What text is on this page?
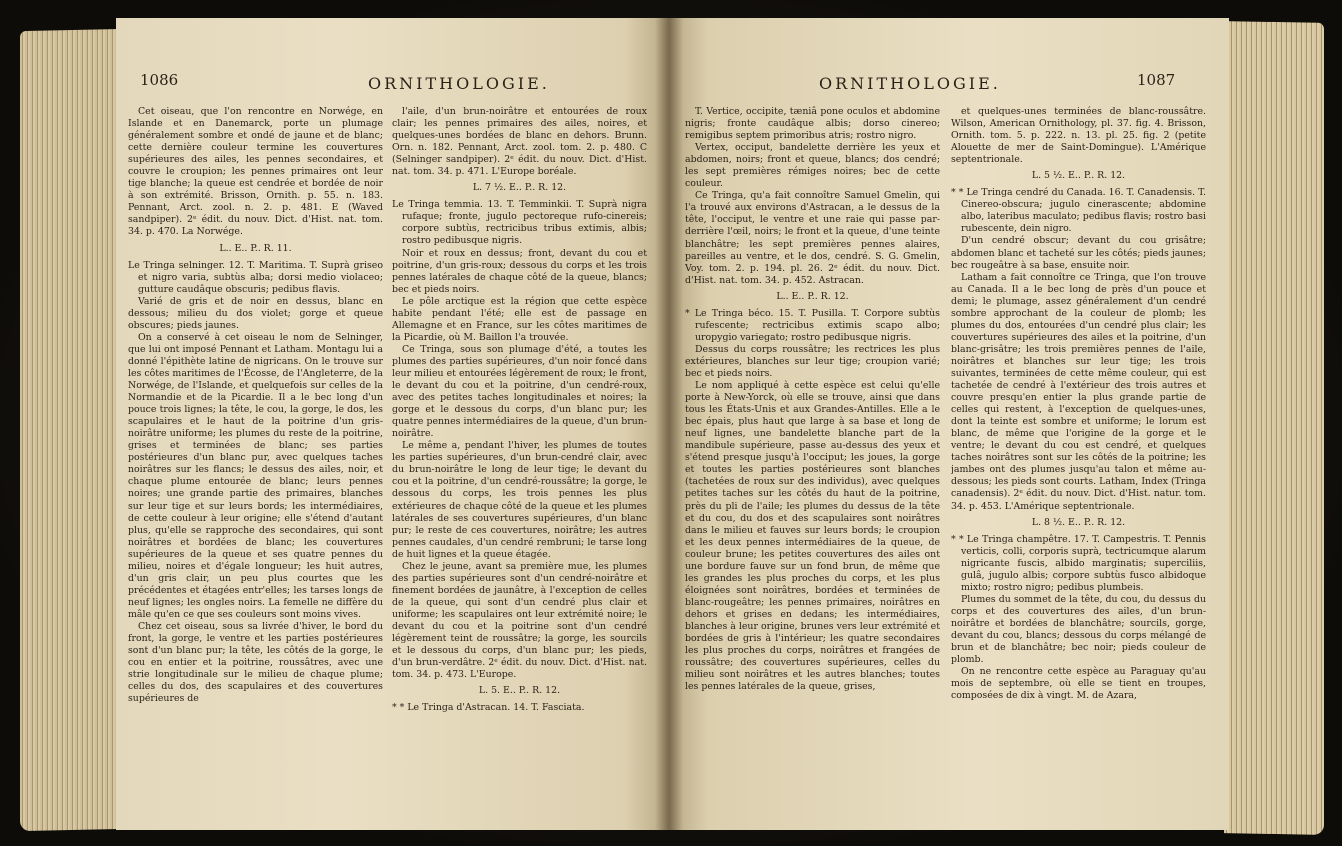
1086	ORNITHOLOGIE.

Cet oiseau, que l'on rencontre en Norwége, en Islande et en Danemarck, porte un plumage généralement sombre et ondé de jaune et de blanc; cette dernière couleur termine les couvertures supérieures des ailes, les pennes secondaires, et couvre le croupion; les pennes primaires ont leur tige blanche; la queue est cendrée et bordée de noir à son extrémité. Brisson, Ornith. p. 55. n. 183. Pennant, Arct. zool. n. 2. p. 481. E (Waved sandpiper). 2ᵉ édit. du nouv. Dict. d'Hist. nat. tom. 34. p. 470. La Norwége.

L.. E.. P.. R. 11.

Le Tringa selninger. 12. T. Maritima. T. Suprà griseo et nigro varia, subtùs alba; dorsi medio violaceo; gutture caudâque obscuris; pedibus flavis.

Varié de gris et de noir en dessus, blanc en dessous; milieu du dos violet; gorge et queue obscures; pieds jaunes.

On a conservé à cet oiseau le nom de Selninger, que lui ont imposé Pennant et Latham. Montagu lui a donné l'épithète latine de nigricans. On le trouve sur les côtes maritimes de l'Écosse, de l'Angleterre, de la Norwége, de l'Islande, et quelquefois sur celles de la Normandie et de la Picardie. Il a le bec long d'un pouce trois lignes; la tête, le cou, la gorge, le dos, les scapulaires et le haut de la poitrine d'un gris-noirâtre uniforme; les plumes du reste de la poitrine, grises et terminées de blanc; ses parties postérieures d'un blanc pur, avec quelques taches noirâtres sur les flancs; le dessus des ailes, noir, et chaque plume entourée de blanc; leurs pennes noires; une grande partie des primaires, blanches sur leur tige et sur leurs bords; les intermédiaires, de cette couleur à leur origine; elle s'étend d'autant plus, qu'elle se rapproche des secondaires, qui sont noirâtres et bordées de blanc; les couvertures supérieures de la queue et ses quatre pennes du milieu, noires et d'égale longueur; les huit autres, d'un gris clair, un peu plus courtes que les précédentes et étagées entr'elles; les tarses longs de neuf lignes; les ongles noirs. La femelle ne diffère du mâle qu'en ce que ses couleurs sont moins vives.

Chez cet oiseau, sous sa livrée d'hiver, le bord du front, la gorge, le ventre et les parties postérieures sont d'un blanc pur; la tête, les côtés de la gorge, le cou en entier et la poitrine, roussâtres, avec une strie longitudinale sur le milieu de chaque plume; celles du dos, des scapulaires et des couvertures supérieures de

l'aile, d'un brun-noirâtre et entourées de roux clair; les pennes primaires des ailes, noires, et quelques-unes bordées de blanc en dehors. Brunn. Orn. n. 182. Pennant, Arct. zool. tom. 2. p. 480. C (Selninger sandpiper). 2ᵉ édit. du nouv. Dict. d'Hist. nat. tom. 34. p. 471. L'Europe boréale.

L. 7 ½. E.. P.. R. 12.

Le Tringa temmia. 13. T. Temminkii. T. Suprà nigra rufaque; fronte, jugulo pectoreque rufo-cinereis; corpore subtùs, rectricibus tribus extimis, albis; rostro pedibusque nigris.

Noir et roux en dessus; front, devant du cou et poitrine, d'un gris-roux; dessous du corps et les trois pennes latérales de chaque côté de la queue, blancs; bec et pieds noirs.

Le pôle arctique est la région que cette espèce habite pendant l'été; elle est de passage en Allemagne et en France, sur les côtes maritimes de la Picardie, où M. Baillon l'a trouvée.

Ce Tringa, sous son plumage d'été, a toutes les plumes des parties supérieures, d'un noir foncé dans leur milieu et entourées légèrement de roux; le front, le devant du cou et la poitrine, d'un cendré-roux, avec des petites taches longitudinales et noires; la gorge et le dessous du corps, d'un blanc pur; les quatre pennes intermédiaires de la queue, d'un brun-noirâtre.

Le même a, pendant l'hiver, les plumes de toutes les parties supérieures, d'un brun-cendré clair, avec du brun-noirâtre le long de leur tige; le devant du cou et la poitrine, d'un cendré-roussâtre; la gorge, le dessous du corps, les trois pennes les plus extérieures de chaque côté de la queue et les plumes latérales de ses couvertures supérieures, d'un blanc pur; le reste de ces couvertures, noirâtre; les autres pennes caudales, d'un cendré rembruni; le tarse long de huit lignes et la queue étagée.

Chez le jeune, avant sa première mue, les plumes des parties supérieures sont d'un cendré-noirâtre et finement bordées de jaunâtre, à l'exception de celles de la queue, qui sont d'un cendré plus clair et uniforme; les scapulaires ont leur extrémité noire; le devant du cou et la poitrine sont d'un cendré légèrement teint de roussâtre; la gorge, les sourcils et le dessous du corps, d'un blanc pur; les pieds, d'un brun-verdâtre. 2ᵉ édit. du nouv. Dict. d'Hist. nat. tom. 34. p. 473. L'Europe.

L. 5. E.. P.. R. 12.

* * Le Tringa d'Astracan. 14. T. Fasciata.

ORNITHOLOGIE.	1087

T. Vertice, occipite, tæniâ pone oculos et abdomine nigris; fronte caudâque albis; dorso cinereo; remigibus septem primoribus atris; rostro nigro.

Vertex, occiput, bandelette derrière les yeux et abdomen, noirs; front et queue, blancs; dos cendré; les sept premières rémiges noires; bec de cette couleur.

Ce Tringa, qu'a fait connoître Samuel Gmelin, qui l'a trouvé aux environs d'Astracan, a le dessus de la tête, l'occiput, le ventre et une raie qui passe par-derrière l'œil, noirs; le front et la queue, d'une teinte blanchâtre; les sept premières pennes alaires, pareilles au ventre, et le dos, cendré. S. G. Gmelin, Voy. tom. 2. p. 194. pl. 26. 2ᵉ édit. du nouv. Dict. d'Hist. nat. tom. 34. p. 452. Astracan.

L.. E.. P.. R. 12.

* Le Tringa béco. 15. T. Pusilla. T. Corpore subtùs rufescente; rectricibus extimis scapo albo; uropygio variegato; rostro pedibusque nigris.

Dessus du corps roussâtre; les rectrices les plus extérieures, blanches sur leur tige; croupion varié; bec et pieds noirs.

Le nom appliqué à cette espèce est celui qu'elle porte à New-Yorck, où elle se trouve, ainsi que dans tous les États-Unis et aux Grandes-Antilles. Elle a le bec épais, plus haut que large à sa base et long de neuf lignes, une bandelette blanche part de la mandibule supérieure, passe au-dessus des yeux et s'étend presque jusqu'à l'occiput; les joues, la gorge et toutes les parties postérieures sont blanches (tachetées de roux sur des individus), avec quelques petites taches sur les côtés du haut de la poitrine, près du pli de l'aile; les plumes du dessus de la tête et du cou, du dos et des scapulaires sont noirâtres dans le milieu et fauves sur leurs bords; le croupion et les deux pennes intermédiaires de la queue, de couleur brune; les petites couvertures des ailes ont une bordure fauve sur un fond brun, de même que les grandes les plus proches du corps, et les plus éloignées sont noirâtres, bordées et terminées de blanc-rougeâtre; les pennes primaires, noirâtres en dehors et grises en dedans; les intermédiaires, blanches à leur origine, brunes vers leur extrémité et bordées de gris à l'intérieur; les quatre secondaires les plus proches du corps, noirâtres et frangées de roussâtre; des couvertures supérieures, celles du milieu sont noirâtres et les autres blanches; toutes les pennes latérales de la queue, grises,

et quelques-unes terminées de blanc-roussâtre. Wilson, American Ornithology, pl. 37. fig. 4. Brisson, Ornith. tom. 5. p. 222. n. 13. pl. 25. fig. 2 (petite Alouette de mer de Saint-Domingue). L'Amérique septentrionale.

L. 5 ½. E.. P.. R. 12.

* * Le Tringa cendré du Canada. 16. T. Canadensis. T. Cinereo-obscura; jugulo cinerascente; abdomine albo, lateribus maculato; pedibus flavis; rostro basi rubescente, dein nigro.

D'un cendré obscur; devant du cou grisâtre; abdomen blanc et tacheté sur les côtés; pieds jaunes; bec rougeâtre à sa base, ensuite noir.

Latham a fait connoître ce Tringa, que l'on trouve au Canada. Il a le bec long de près d'un pouce et demi; le plumage, assez généralement d'un cendré sombre approchant de la couleur de plomb; les plumes du dos, entourées d'un cendré plus clair; les couvertures supérieures des ailes et la poitrine, d'un blanc-grisâtre; les trois premières pennes de l'aile, noirâtres et blanches sur leur tige; les trois suivantes, terminées de cette même couleur, qui est tachetée de cendré à l'extérieur des trois autres et couvre presqu'en entier la plus grande partie de celles qui restent, à l'exception de quelques-unes, dont la teinte est sombre et uniforme; le lorum est blanc, de même que l'origine de la gorge et le ventre; le devant du cou est cendré, et quelques taches noirâtres sont sur les côtés de la poitrine; les jambes ont des plumes jusqu'au talon et même au-dessous; les pieds sont courts. Latham, Index (Tringa canadensis). 2ᵉ édit. du nouv. Dict. d'Hist. natur. tom. 34. p. 453. L'Amérique septentrionale.

L. 8 ½. E.. P.. R. 12.

* * Le Tringa champêtre. 17. T. Campestris. T. Pennis verticis, colli, corporis suprà, tectricumque alarum nigricante fuscis, albido marginatis; superciliis, gulâ, jugulo albis; corpore subtùs fusco albidoque mixto; rostro nigro; pedibus plumbeis.

Plumes du sommet de la tête, du cou, du dessus du corps et des couvertures des ailes, d'un brun-noirâtre et bordées de blanchâtre; sourcils, gorge, devant du cou, blancs; dessous du corps mélangé de brun et de blanchâtre; bec noir; pieds couleur de plomb.

On ne rencontre cette espèce au Paraguay qu'au mois de septembre, où elle se tient en troupes, composées de dix à vingt. M. de Azara,
